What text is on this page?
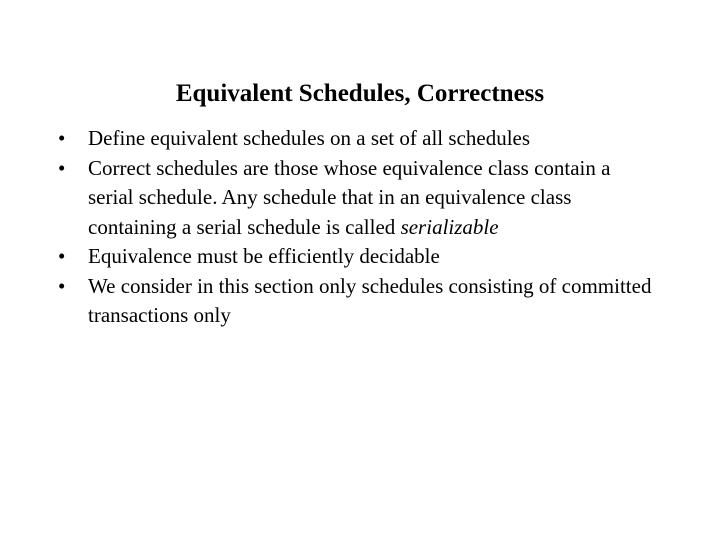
Equivalent Schedules, Correctness
•	Define equivalent schedules on a set of all schedules
•	Correct schedules are those whose equivalence class contain a serial schedule. Any schedule that in an equivalence class containing a serial schedule is called serializable
•	Equivalence must be efficiently decidable
•	We consider in this section only schedules consisting of committed transactions only
